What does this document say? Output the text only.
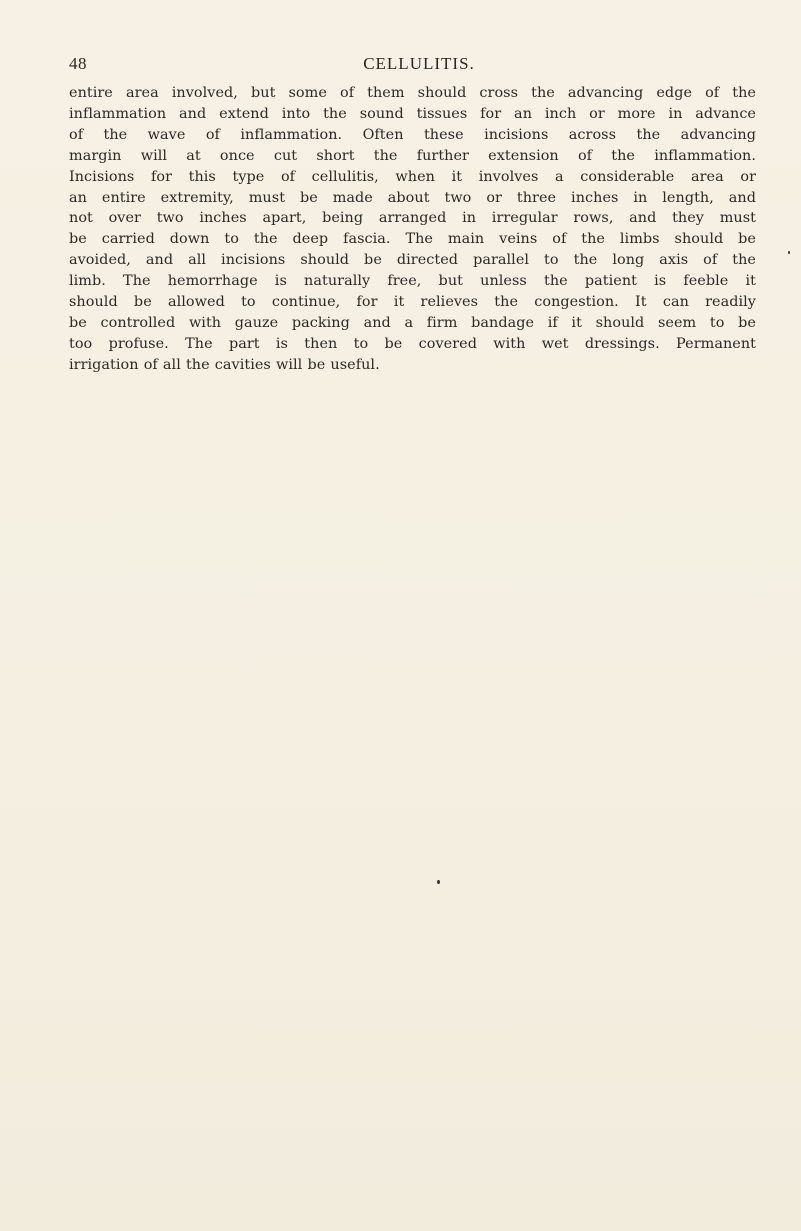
48	CELLULITIS.

entire area involved, but some of them should cross the advancing edge of the
inflammation and extend into the sound tissues for an inch or more in advance
of the wave of inflammation. Often these incisions across the advancing
margin will at once cut short the further extension of the inflammation.
Incisions for this type of cellulitis, when it involves a considerable area or
an entire extremity, must be made about two or three inches in length, and
not over two inches apart, being arranged in irregular rows, and they must
be carried down to the deep fascia. The main veins of the limbs should be
avoided, and all incisions should be directed parallel to the long axis of the
limb. The hemorrhage is naturally free, but unless the patient is feeble it
should be allowed to continue, for it relieves the congestion. It can readily
be controlled with gauze packing and a firm bandage if it should seem to be
too profuse. The part is then to be covered with wet dressings. Permanent
irrigation of all the cavities will be useful.
